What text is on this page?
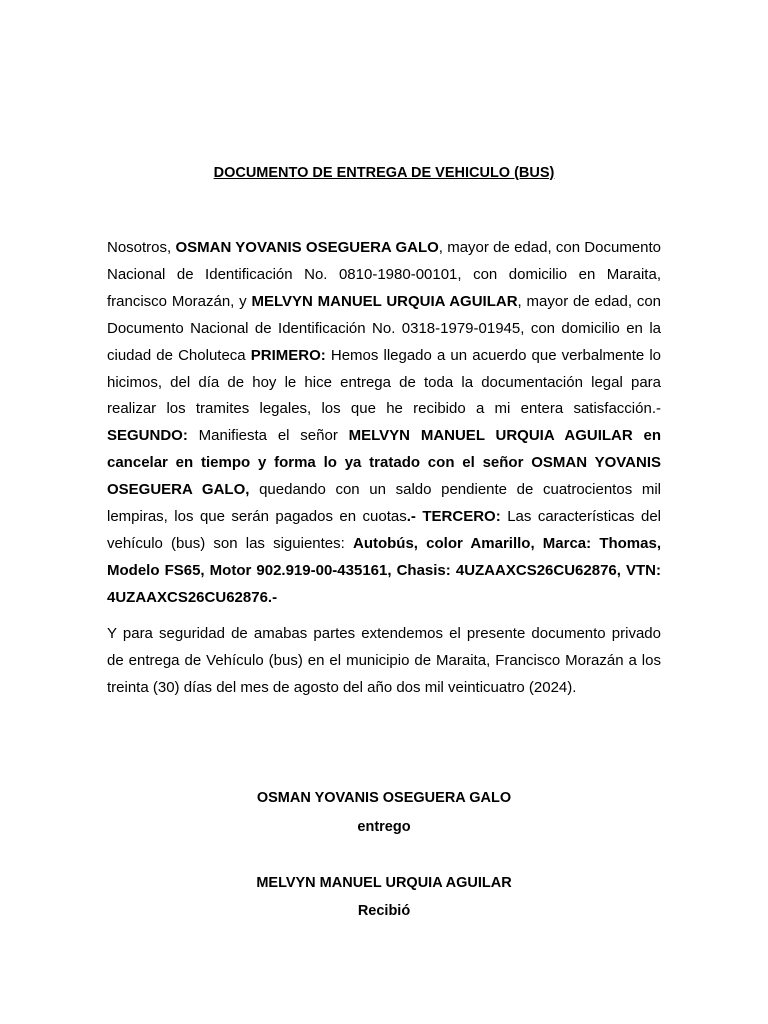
DOCUMENTO DE ENTREGA DE VEHICULO (BUS)

Nosotros, OSMAN YOVANIS OSEGUERA GALO, mayor de edad, con Documento Nacional de Identificación No. 0810-1980-00101, con domicilio en Maraita, francisco Morazán, y MELVYN MANUEL URQUIA AGUILAR, mayor de edad, con Documento Nacional de Identificación No. 0318-1979-01945, con domicilio en la ciudad de Choluteca PRIMERO: Hemos llegado a un acuerdo que verbalmente lo hicimos, del día de hoy le hice entrega de toda la documentación legal para realizar los tramites legales, los que he recibido a mi entera satisfacción.-SEGUNDO: Manifiesta el señor MELVYN MANUEL URQUIA AGUILAR en cancelar en tiempo y forma lo ya tratado con el señor OSMAN YOVANIS OSEGUERA GALO, quedando con un saldo pendiente de cuatrocientos mil lempiras, los que serán pagados en cuotas.- TERCERO: Las características del vehículo (bus) son las siguientes: Autobús, color Amarillo, Marca: Thomas, Modelo FS65, Motor 902.919-00-435161, Chasis: 4UZAAXCS26CU62876, VTN: 4UZAAXCS26CU62876.-

Y para seguridad de amabas partes extendemos el presente documento privado de entrega de Vehículo (bus) en el municipio de Maraita, Francisco Morazán a los treinta (30) días del mes de agosto del año dos mil veinticuatro (2024).

OSMAN YOVANIS OSEGUERA GALO

entrego

MELVYN MANUEL URQUIA AGUILAR

Recibió
